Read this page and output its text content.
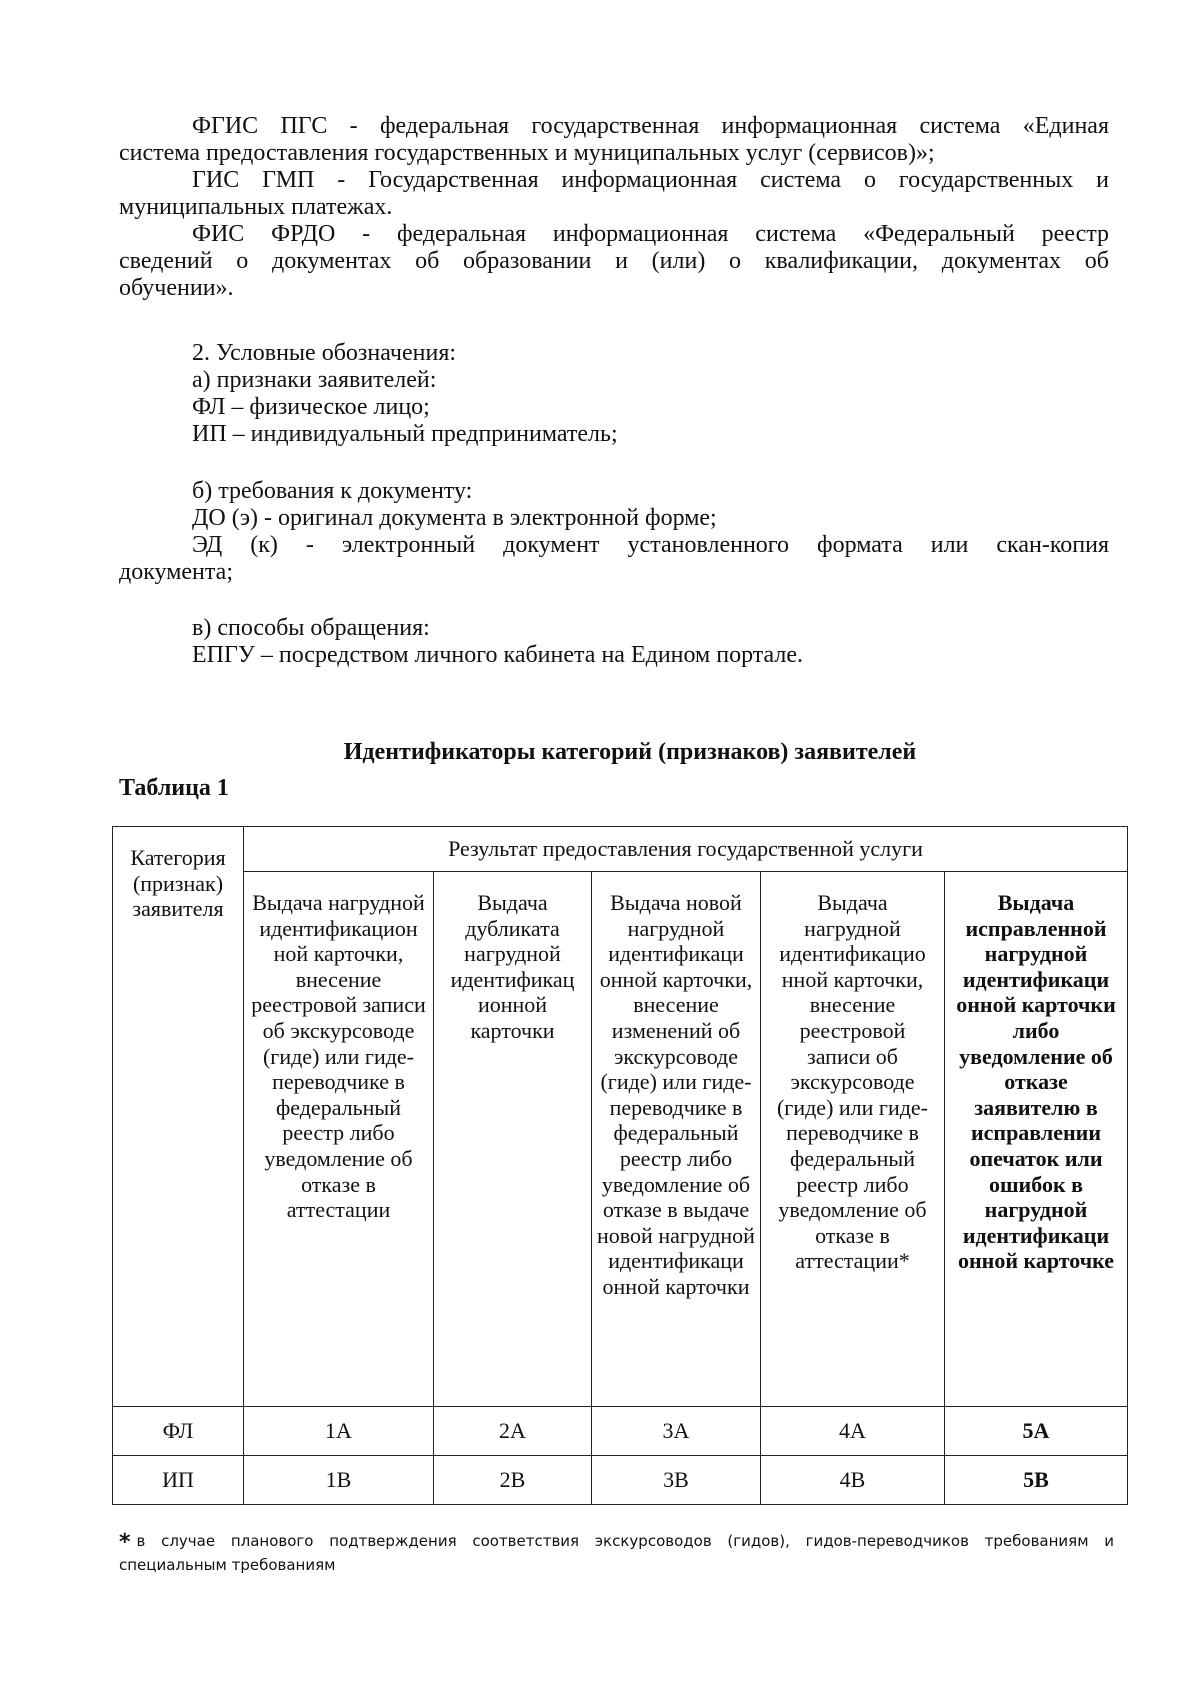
ФГИС ПГС - федеральная государственная информационная система «Единая
система предоставления государственных и муниципальных услуг (сервисов)»;
ГИС ГМП - Государственная информационная система о государственных и
муниципальных платежах.
ФИС ФРДО - федеральная информационная система «Федеральный реестр
сведений о документах об образовании и (или) о квалификации, документах об
обучении».
2. Условные обозначения:
а) признаки заявителей:
ФЛ – физическое лицо;
ИП – индивидуальный предприниматель;
б) требования к документу:
ДО (э) - оригинал документа в электронной форме;
ЭД (к) - электронный документ установленного формата или скан-копия
документа;
в) способы обращения:
ЕПГУ – посредством личного кабинета на Едином портале.
Идентификаторы категорий (признаков) заявителей
Таблица 1
Категория (признак) заявителя	Результат предоставления государственной услуги				
	Выдача нагрудной идентификацион ной карточки, внесение реестровой записи об экскурсоводе (гиде) или гиде-переводчике в федеральный реестр либо уведомление об отказе в аттестации	Выдача дубликата нагрудной идентификац ионной карточки	Выдача новой нагрудной идентификаци онной карточки, внесение изменений об экскурсоводе (гиде) или гиде-переводчике в федеральный реестр либо уведомление об отказе в выдаче новой нагрудной идентификаци онной карточки	Выдача нагрудной идентификацио нной карточки, внесение реестровой записи об экскурсоводе (гиде) или гиде-переводчике в федеральный реестр либо уведомление об отказе в аттестации*	Выдача исправленной нагрудной идентификаци онной карточки либо уведомление об отказе заявителю в исправлении опечаток или ошибок в нагрудной идентификаци онной карточке
ФЛ	1А	2А	3А	4А	5А
ИП	1В	2В	3В	4В	5В
* в случае планового подтверждения соответствия экскурсоводов (гидов), гидов-переводчиков требованиям и специальным требованиям
